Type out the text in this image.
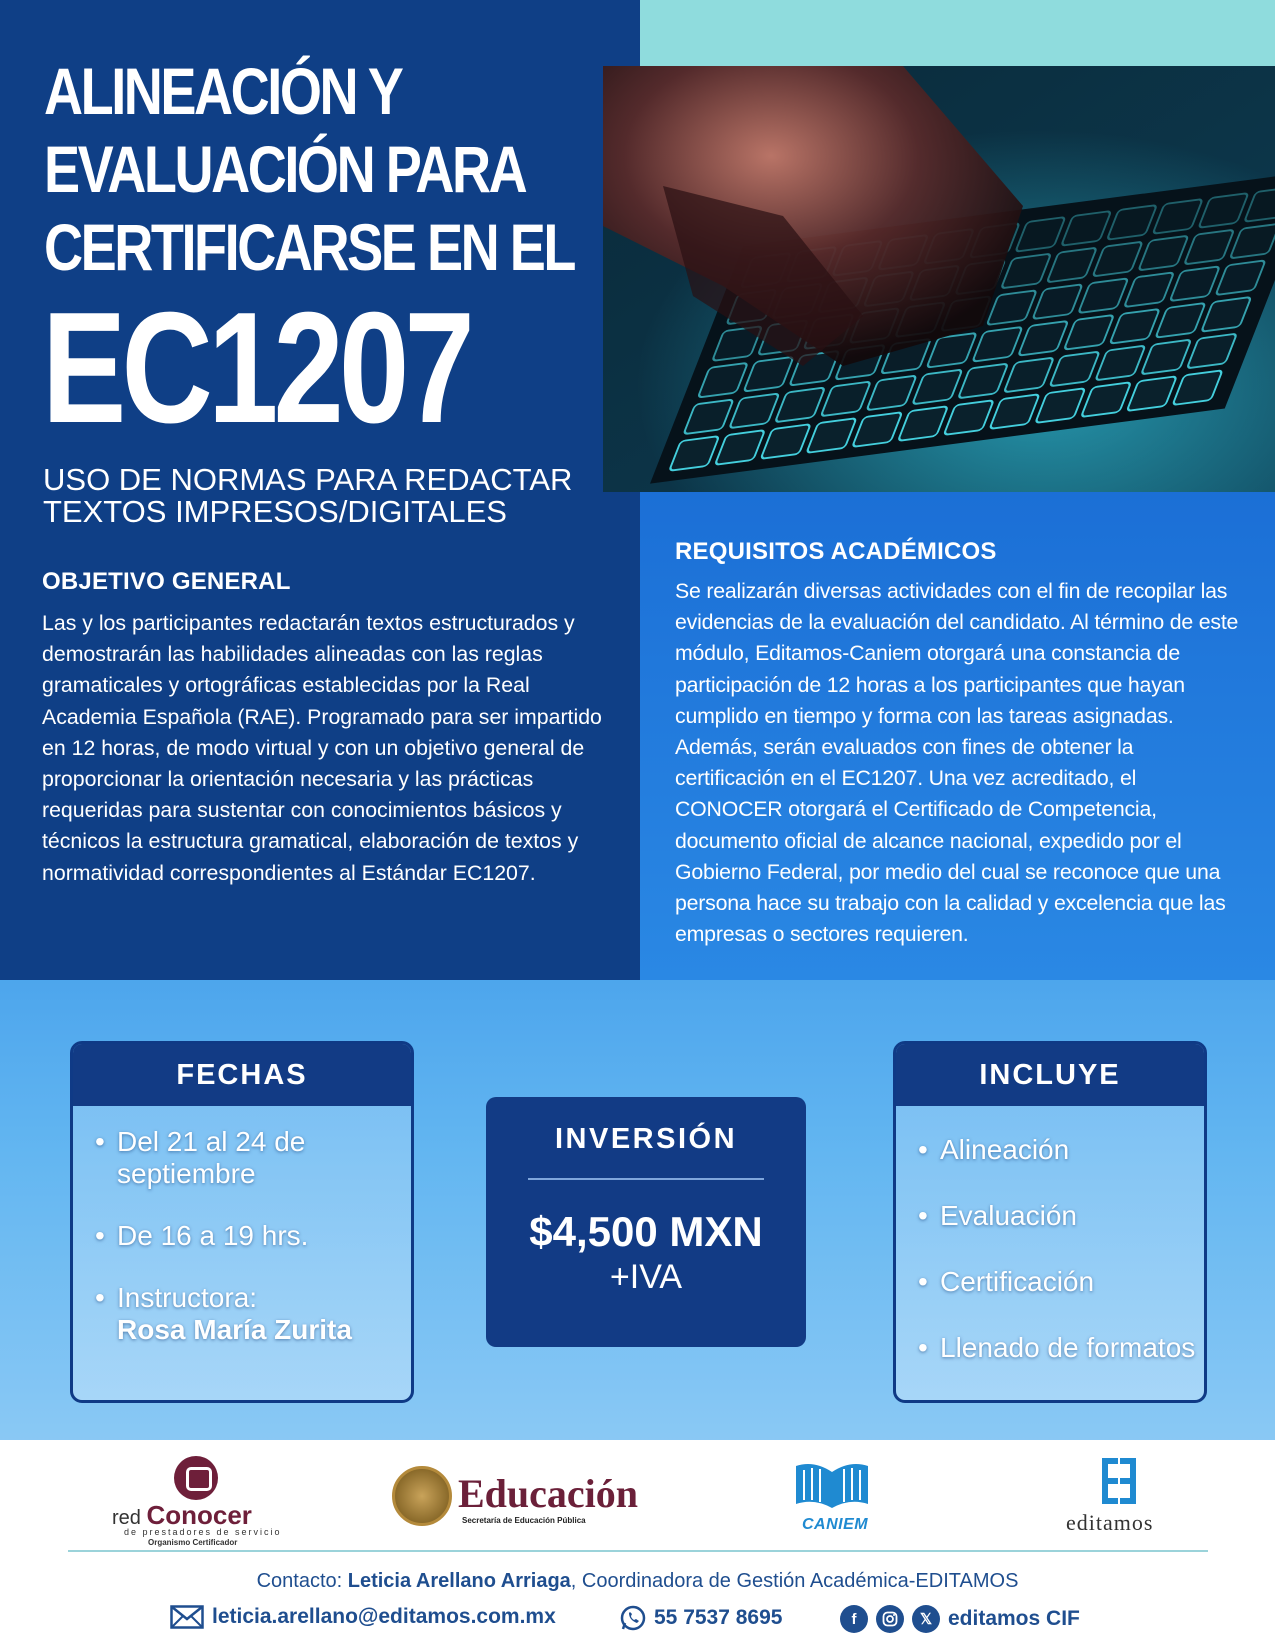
ALINEACIÓN Y
EVALUACIÓN PARA
CERTIFICARSE EN EL
EC1207
USO DE NORMAS PARA REDACTAR
TEXTOS IMPRESOS/DIGITALES
OBJETIVO GENERAL

Las y los participantes redactarán textos estructurados y demostrarán las habilidades alineadas con las reglas gramaticales y ortográficas establecidas por la Real Academia Española (RAE). Programado para ser impartido en 12 horas, de modo virtual y con un objetivo general de proporcionar la orientación necesaria y las prácticas requeridas para sustentar con conocimientos básicos y técnicos la estructura gramatical, elaboración de textos y normatividad correspondientes al Estándar EC1207.

REQUISITOS ACADÉMICOS

Se realizarán diversas actividades con el fin de recopilar las evidencias de la evaluación del candidato. Al término de este módulo, Editamos-Caniem otorgará una constancia de participación de 12 horas a los participantes que hayan cumplido en tiempo y forma con las tareas asignadas. Además, serán evaluados con fines de obtener la certificación en el EC1207. Una vez acreditado, el CONOCER otorgará el Certificado de Competencia, documento oficial de alcance nacional, expedido por el Gobierno Federal, por medio del cual se reconoce que una persona hace su trabajo con la calidad y excelencia que las empresas o sectores requieren.

FECHAS
• Del 21 al 24 de septiembre
• De 16 a 19 hrs.
• Instructora:
Rosa María Zurita
INVERSIÓN
$4,500 MXN
+IVA
INCLUYE
• Alineación
• Evaluación
• Certificación
• Llenado de formatos
red Conocer
de prestadores de servicio
Organismo Certificador
Educación
Secretaría de Educación Pública	CANIEM	editamos
Contacto: Leticia Arellano Arriaga, Coordinadora de Gestión Académica-EDITAMOS
leticia.arellano@editamos.com.mx	55 7537 8695	f	𝕏 editamos CIF
